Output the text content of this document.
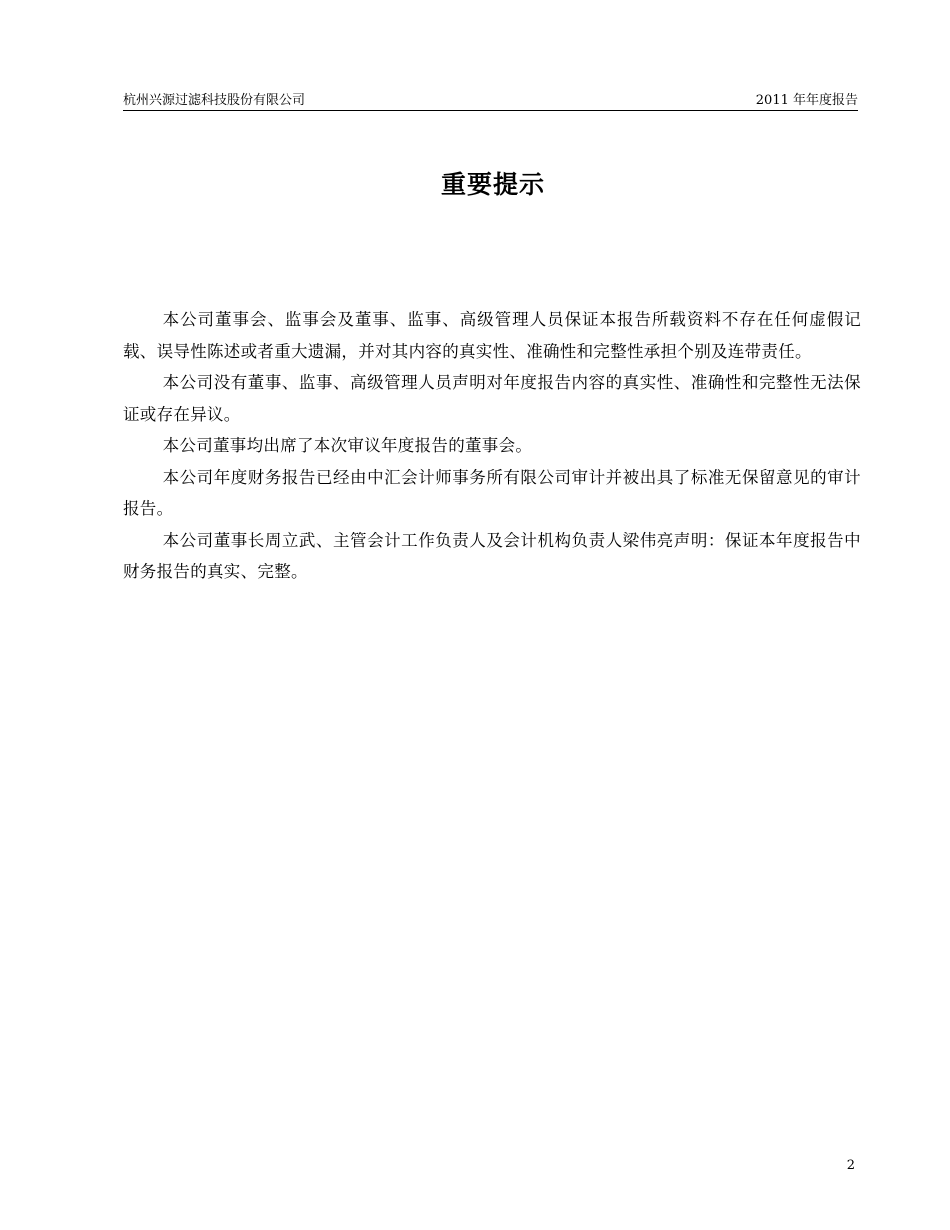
杭州兴源过滤科技股份有限公司	2011 年年度报告
重要提示

本公司董事会、监事会及董事、监事、高级管理人员保证本报告所载资料不存在任何虚假记载、误导性陈述或者重大遗漏，并对其内容的真实性、准确性和完整性承担个别及连带责任。

本公司没有董事、监事、高级管理人员声明对年度报告内容的真实性、准确性和完整性无法保证或存在异议。

本公司董事均出席了本次审议年度报告的董事会。

本公司年度财务报告已经由中汇会计师事务所有限公司审计并被出具了标准无保留意见的审计报告。

本公司董事长周立武、主管会计工作负责人及会计机构负责人梁伟亮声明：保证本年度报告中财务报告的真实、完整。

2
